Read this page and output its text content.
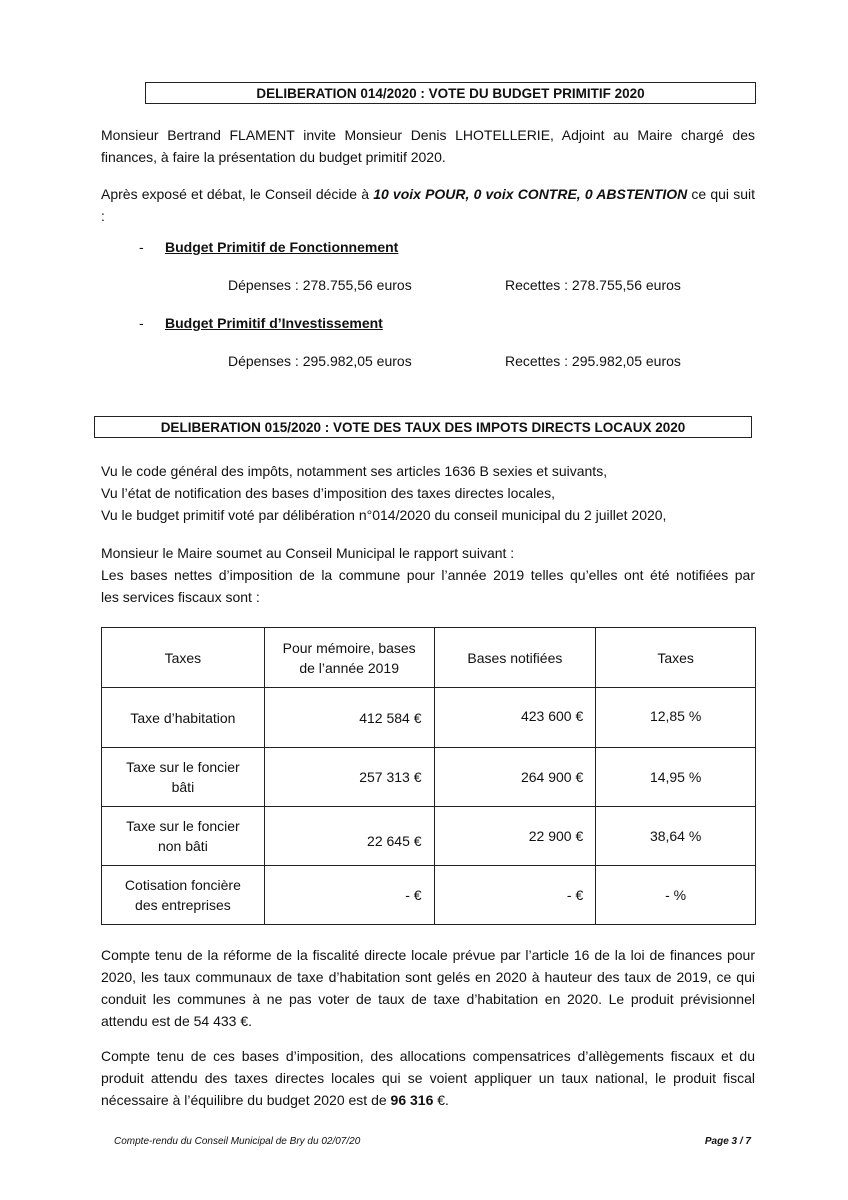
DELIBERATION 014/2020 : VOTE DU BUDGET PRIMITIF 2020

Monsieur Bertrand FLAMENT invite Monsieur Denis LHOTELLERIE, Adjoint au Maire chargé des

finances, à faire la présentation du budget primitif 2020.

Après exposé et débat, le Conseil décide à 10 voix POUR, 0 voix CONTRE, 0 ABSTENTION ce qui suit :
- Budget Primitif de Fonctionnement
Dépenses : 278.755,56 euros	Recettes : 278.755,56 euros
- Budget Primitif d’Investissement
Dépenses : 295.982,05 euros	Recettes : 295.982,05 euros
DELIBERATION 015/2020 : VOTE DES TAUX DES IMPOTS DIRECTS LOCAUX 2020

Vu le code général des impôts, notamment ses articles 1636 B sexies et suivants,

Vu l’état de notification des bases d’imposition des taxes directes locales,

Vu le budget primitif voté par délibération n°014/2020 du conseil municipal du 2 juillet 2020,

Monsieur le Maire soumet au Conseil Municipal le rapport suivant :

Les bases nettes d’imposition de la commune pour l’année 2019 telles qu’elles ont été notifiées par

les services fiscaux sont :

Taxes	Pour mémoire, bases de l’année 2019	Bases notifiées	Taxes
Taxe d’habitation	412 584 €	423 600 €	12,85 %
Taxe sur le foncier bâti	257 313 €	264 900 €	14,95 %
Taxe sur le foncier non bâti	22 645 €	22 900 €	38,64 %
Cotisation foncière des entreprises	- €	- €	- %

Compte tenu de la réforme de la fiscalité directe locale prévue par l’article 16 de la loi de finances pour 2020, les taux communaux de taxe d’habitation sont gelés en 2020 à hauteur des taux de 2019, ce qui conduit les communes à ne pas voter de taux de taxe d’habitation en 2020. Le produit prévisionnel attendu est de 54 433 €.

Compte tenu de ces bases d’imposition, des allocations compensatrices d’allègements fiscaux et du produit attendu des taxes directes locales qui se voient appliquer un taux national, le produit fiscal nécessaire à l’équilibre du budget 2020 est de 96 316 €.

Compte-rendu du Conseil Municipal de Bry du 02/07/20	Page 3 / 7
